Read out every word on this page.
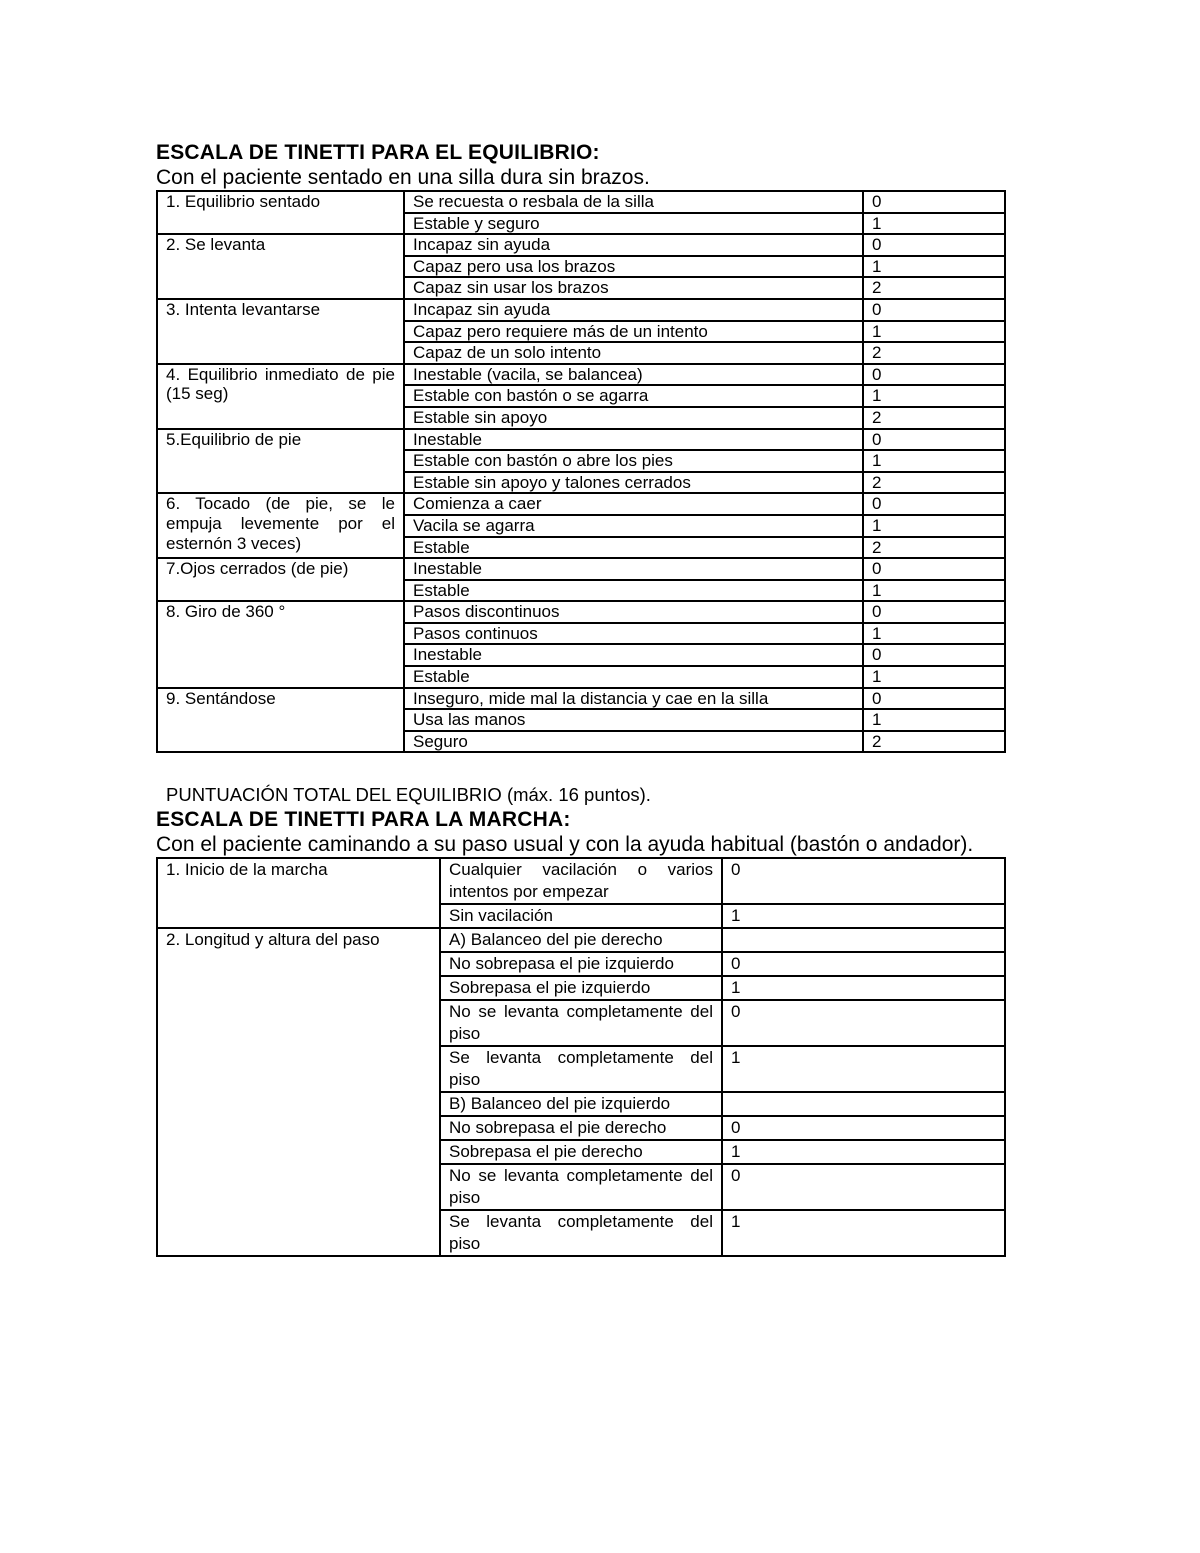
ESCALA DE TINETTI PARA EL EQUILIBRIO:

Con el paciente sentado en una silla dura sin brazos.

1. Equilibrio sentado	Se recuesta o resbala de la silla	0
	Estable y seguro	1
2. Se levanta	Incapaz sin ayuda	0
	Capaz pero usa los brazos	1
	Capaz sin usar los brazos	2
3. Intenta levantarse	Incapaz sin ayuda	0
	Capaz pero requiere más de un intento	1
	Capaz de un solo intento	2
4. Equilibrio inmediato de pie (15 seg)	Inestable (vacila, se balancea)	0
	Estable con bastón o se agarra	1
	Estable sin apoyo	2
5.Equilibrio de pie	Inestable	0
	Estable con bastón o abre los pies	1
	Estable sin apoyo y talones cerrados	2
6. Tocado (de pie, se le empuja levemente por el esternón 3 veces)	Comienza a caer	0
	Vacila se agarra	1
	Estable	2
7.Ojos cerrados (de pie)	Inestable	0
	Estable	1
8. Giro de 360 °	Pasos discontinuos	0
	Pasos continuos	1
	Inestable	0
	Estable	1
9. Sentándose	Inseguro, mide mal la distancia y cae en la silla	0
	Usa las manos	1
	Seguro	2

PUNTUACIÓN TOTAL DEL EQUILIBRIO (máx. 16 puntos).

ESCALA DE TINETTI PARA LA MARCHA:

Con el paciente caminando a su paso usual y con la ayuda habitual (bastón o andador).

1. Inicio de la marcha	Cualquier vacilación o varios intentos por empezar	0
	Sin vacilación	1
2. Longitud y altura del paso	A) Balanceo del pie derecho	
	No sobrepasa el pie izquierdo	0
	Sobrepasa el pie izquierdo	1
	No se levanta completamente del piso	0
	Se levanta completamente del piso	1
	B) Balanceo del pie izquierdo	
	No sobrepasa el pie derecho	0
	Sobrepasa el pie derecho	1
	No se levanta completamente del piso	0
	Se levanta completamente del piso	1
